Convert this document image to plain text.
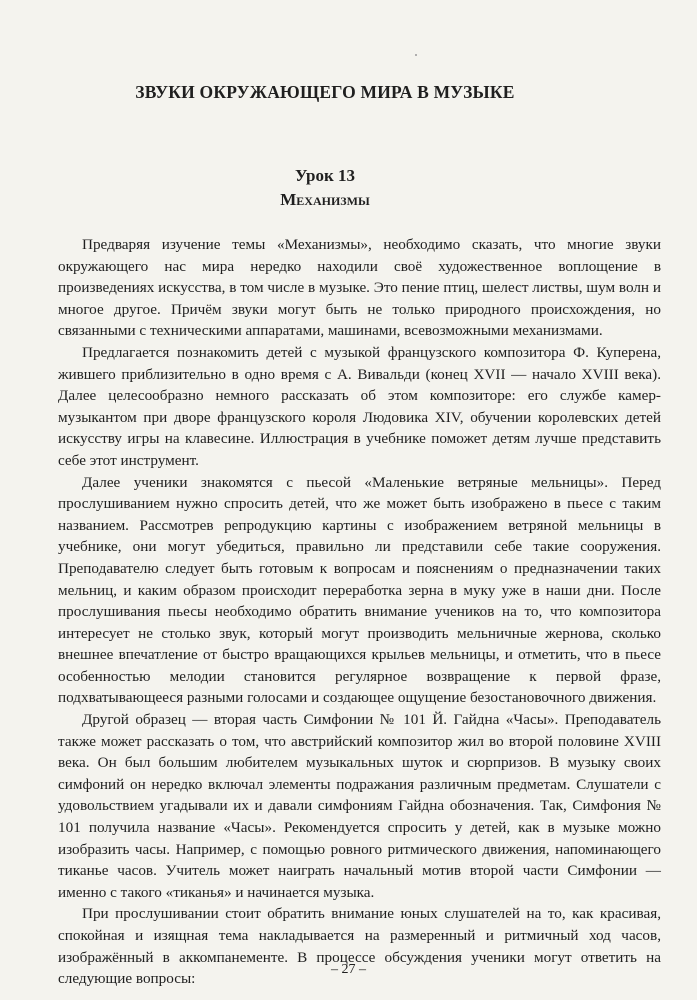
ЗВУКИ ОКРУЖАЮЩЕГО МИРА В МУЗЫКЕ
Урок 13
Механизмы

Предваряя изучение темы «Механизмы», необходимо сказать, что многие звуки окружающего нас мира нередко находили своё художественное воплощение в произведениях искусства, в том числе в музыке. Это пение птиц, шелест листвы, шум волн и многое другое. Причём звуки могут быть не только природного происхождения, но связанными с техническими аппаратами, машинами, всевозможными механизмами.

Предлагается познакомить детей с музыкой французского композитора Ф. Куперена, жившего приблизительно в одно время с А. Вивальди (конец XVII — начало XVIII века). Далее целесообразно немного рассказать об этом композиторе: его службе камер-музыкантом при дворе французского короля Людовика XIV, обучении королевских детей искусству игры на клавесине. Иллюстрация в учебнике поможет детям лучше представить себе этот инструмент.

Далее ученики знакомятся с пьесой «Маленькие ветряные мельницы». Перед прослушиванием нужно спросить детей, что же может быть изображено в пьесе с таким названием. Рассмотрев репродукцию картины с изображением ветряной мельницы в учебнике, они могут убедиться, правильно ли представили себе такие сооружения. Преподавателю следует быть готовым к вопросам и пояснениям о предназначении таких мельниц, и каким образом происходит переработка зерна в муку уже в наши дни. После прослушивания пьесы необходимо обратить внимание учеников на то, что композитора интересует не столько звук, который могут производить мельничные жернова, сколько внешнее впечатление от быстро вращающихся крыльев мельницы, и отметить, что в пьесе особенностью мелодии становится регулярное возвращение к первой фразе, подхватывающееся разными голосами и создающее ощущение безостановочного движения.

Другой образец — вторая часть Симфонии № 101 Й. Гайдна «Часы». Преподаватель также может рассказать о том, что австрийский композитор жил во второй половине XVIII века. Он был большим любителем музыкальных шуток и сюрпризов. В музыку своих симфоний он нередко включал элементы подражания различным предметам. Слушатели с удовольствием угадывали их и давали симфониям Гайдна обозначения. Так, Симфония № 101 получила название «Часы». Рекомендуется спросить у детей, как в музыке можно изобразить часы. Например, с помощью ровного ритмического движения, напоминающего тиканье часов. Учитель может наиграть начальный мотив второй части Симфонии — именно с такого «тиканья» и начинается музыка.

При прослушивании стоит обратить внимание юных слушателей на то, как красивая, спокойная и изящная тема накладывается на размеренный и ритмичный ход часов, изображённый в аккомпанементе. В процессе обсуждения ученики могут ответить на следующие вопросы:

– 27 –
